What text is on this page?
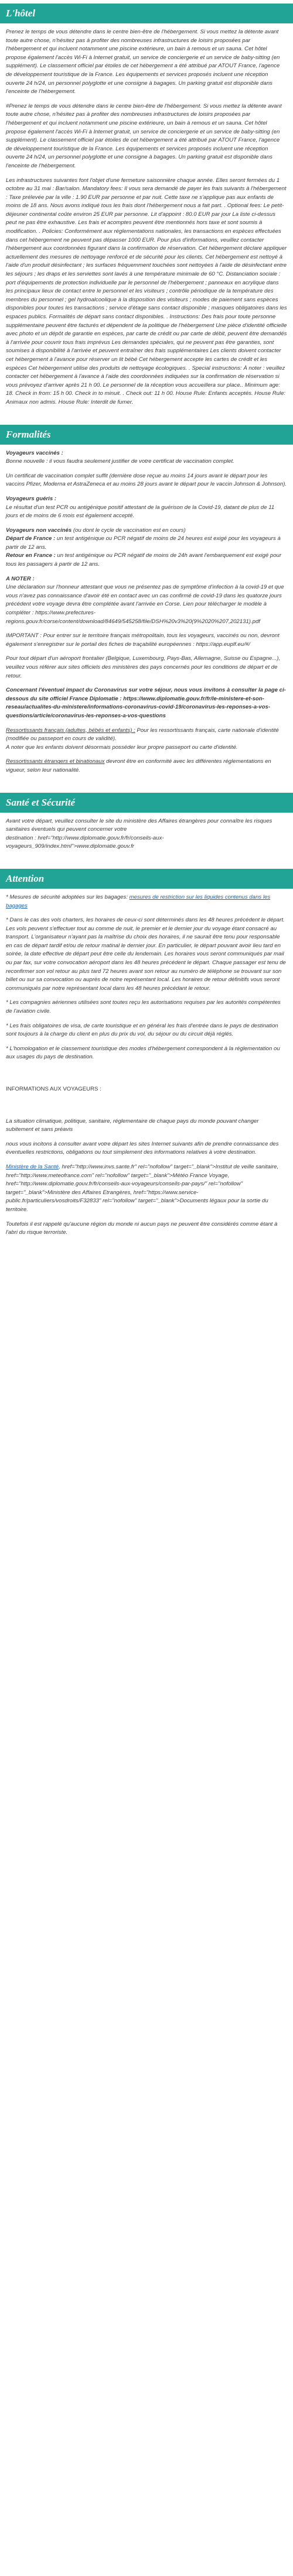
L'hôtel

Prenez le temps de vous détendre dans le centre bien-être de l'hébergement. Si vous mettez la détente avant toute autre chose, n'hésitez pas à profiter des nombreuses infrastructures de loisirs proposées par l'hébergement et qui incluent notamment une piscine extérieure, un bain à remous et un sauna. Cet hôtel propose également l'accès Wi-Fi à Internet gratuit, un service de conciergerie et un service de baby-sitting (en supplément). Le classement officiel par étoiles de cet hébergement a été attribué par ATOUT France, l'agence de développement touristique de la France. Les équipements et services proposés incluent une réception ouverte 24 h/24, un personnel polyglotte et une consigne à bagages. Un parking gratuit est disponible dans l'enceinte de l'hébergement.

#Prenez le temps de vous détendre dans le centre bien-être de l'hébergement. Si vous mettez la détente avant toute autre chose, n'hésitez pas à profiter des nombreuses infrastructures de loisirs proposées par l'hébergement et qui incluent notamment une piscine extérieure, un bain à remous et un sauna. Cet hôtel propose également l'accès Wi-Fi à Internet gratuit, un service de conciergerie et un service de baby-sitting (en supplément). Le classement officiel par étoiles de cet hébergement a été attribué par ATOUT France, l'agence de développement touristique de la France. Les équipements et services proposés incluent une réception ouverte 24 h/24, un personnel polyglotte et une consigne à bagages. Un parking gratuit est disponible dans l'enceinte de l'hébergement.

Les infrastructures suivantes font l'objet d'une fermeture saisonnière chaque année. Elles seront fermées du 1 octobre au 31 mai : Bar/salon. Mandatory fees: Il vous sera demandé de payer les frais suivants à l'hébergement : Taxe prélevée par la ville : 1.90 EUR par personne et par nuit. Cette taxe ne s'applique pas aux enfants de moins de 18 ans. Nous avons indiqué tous les frais dont l'hébergement nous a fait part. . Optional fees: Le petit-déjeuner continental coûte environ 25 EUR par personne. Lit d'appoint : 80.0 EUR par jour La liste ci-dessus peut ne pas être exhaustive. Les frais et acomptes peuvent être mentionnés hors taxe et sont soumis à modification. . Policies: Conformément aux réglementations nationales, les transactions en espèces effectuées dans cet hébergement ne peuvent pas dépasser 1000 EUR. Pour plus d'informations, veuillez contacter l'hébergement aux coordonnées figurant dans la confirmation de réservation. Cet hébergement déclare appliquer actuellement des mesures de nettoyage renforcé et de sécurité pour les clients. Cet hébergement est nettoyé à l'aide d'un produit désinfectant ; les surfaces fréquemment touchées sont nettoyées à l'aide de désinfectant entre les séjours ; les draps et les serviettes sont lavés à une température minimale de 60 °C. Distanciation sociale : port d'équipements de protection individuelle par le personnel de l'hébergement ; panneaux en acrylique dans les principaux lieux de contact entre le personnel et les visiteurs ; contrôle périodique de la température des membres du personnel ; gel hydroalcoolique à la disposition des visiteurs ; modes de paiement sans espèces disponibles pour toutes les transactions ; service d'étage sans contact disponible ; masques obligatoires dans les espaces publics. Formalités de départ sans contact disponibles. . Instructions: Des frais pour toute personne supplémentaire peuvent être facturés et dépendent de la politique de l'hébergement Une pièce d'identité officielle avec photo et un dépôt de garantie en espèces, par carte de crédit ou par carte de débit, peuvent être demandés à l'arrivée pour couvrir tous frais imprévus Les demandes spéciales, qui ne peuvent pas être garanties, sont soumises à disponibilité à l'arrivée et peuvent entraîner des frais supplémentaires Les clients doivent contacter cet hébergement à l'avance pour réserver un lit bébé Cet hébergement accepte les cartes de crédit et les espèces Cet hébergement utilise des produits de nettoyage écologiques. . Special instructions: À noter : veuillez contacter cet hébergement à l'avance à l'aide des coordonnées indiquées sur la confirmation de réservation si vous prévoyez d'arriver après 21 h 00. Le personnel de la réception vous accueillera sur place.. Minimum age: 18. Check in from: 15 h 00. Check in to minuit. . Check out: 11 h 00. House Rule: Enfants acceptés. House Rule: Animaux non admis. House Rule: Interdit de fumer.

Formalités

Voyageurs vaccinés :

Bonne nouvelle : il vous faudra seulement justifier de votre certificat de vaccination complet.

Un certificat de vaccination complet suffit (dernière dose reçue au moins 14 jours avant le départ pour les vaccins Pfizer, Moderna et AstraZeneca et au moins 28 jours avant le départ pour le vaccin Johnson & Johnson).

Voyageurs guéris :

Le résultat d'un test PCR ou antigénique positif attestant de la guérison de la Covid-19, datant de plus de 11 jours et de moins de 6 mois est également accepté.

Voyageurs non vaccinés (ou dont le cycle de vaccination est en cours)

Départ de France : un test antigénique ou PCR négatif de moins de 24 heures est exigé pour les voyageurs à partir de 12 ans.

Retour en France : un test antigénique ou PCR négatif de moins de 24h avant l'embarquement est exigé pour tous les passagers à partir de 12 ans.

A NOTER :

Une déclaration sur l'honneur attestant que vous ne présentez pas de symptôme d'infection à la covid-19 et que vous n'avez pas connaissance d'avoir été en contact avec un cas confirmé de covid-19 dans les quatorze jours précédent votre voyage devra être complétée avant l'arrivée en Corse. Lien pour télécharger le modèle à compléter : https://www.prefectures-regions.gouv.fr/corse/content/download/84649/545258/file/DSH%20v3%20(9%2020%207,202131).pdf

IMPORTANT : Pour entrer sur le territoire français métropolitain, tous les voyageurs, vaccinés ou non, devront également s'enregistrer sur le portail des fiches de traçabilité européennes : https://app.euplf.eu/#/

Pour tout départ d'un aéroport frontalier (Belgique, Luxembourg, Pays-Bas, Allemagne, Suisse ou Espagne...), veuillez vous référer aux sites officiels des ministères des pays concernés pour les conditions de départ et de retour.

Concernant l'éventuel impact du Coronavirus sur votre séjour, nous vous invitons à consulter la page ci-dessous du site officiel France Diplomatie : https://www.diplomatie.gouv.fr/fr/le-ministere-et-son-reseau/actualites-du-ministere/informations-coronavirus-covid-19/coronavirus-les-reponses-a-vos-questions/article/coronavirus-les-reponses-a-vos-questions

Ressortissants français (adultes, bébés et enfants) : Pour les ressortissants français, carte nationale d'identité (modifiée ou passeport en cours de validité).

A noter que les enfants doivent désormais posséder leur propre passeport ou carte d'identité.

Ressortissants étrangers et binationaux devront être en conformité avec les différentes réglementations en vigueur, selon leur nationalité.

Santé et Sécurité

Avant votre départ, veuillez consulter le site du ministère des Affaires étrangères pour connaître les risques sanitaires éventuels qui peuvent concerner votre

destination : href="http://www.diplomatie.gouv.fr/fr/conseils-aux-voyageurs_909/index.html">www.diplomatie.gouv.fr

Attention

* Mesures de sécurité adoptées sur les bagages: mesures de restriction sur les liquides contenus dans les bagages

* Dans le cas des vols charters, les horaires de ceux-ci sont déterminés dans les 48 heures précédent le départ. Les vols peuvent s'effectuer tout au comme de nuit, le premier et le dernier jour du voyage étant consacré au transport. L'organisateur n'ayant pas la maîtrise du choix des horaires, il ne saurait être tenu pour responsable en cas de départ tardif et/ou de retour matinal le dernier jour. En particulier, le départ pouvant avoir lieu tard en soirée, la date effective de départ peut être celle du lendemain. Les horaires vous seront communiqués par mail ou par fax, sur votre convocation aéroport dans les 48 heures précédent le départ. Chaque passager est tenu de reconfirmer son vol retour au plus tard 72 heures avant son retour au numéro de téléphone se trouvant sur son billet ou sur sa convocation ou auprès de notre représentant local. Les horaires de retour définitifs vous seront communiqués par notre représentant local dans les 48 heures précédant le retour.

* Les compagnies aériennes utilisées sont toutes reçu les autorisations requises par les autorités compétentes de l'aviation civile.

* Les frais obligatoires de visa, de carte touristique et en général les frais d'entrée dans le pays de destination sont toujours à la charge du client en plus du prix du vol, du séjour ou du circuit déjà réglés.

* L'homologation et le classement touristique des modes d'hébergement correspondent à la réglementation ou aux usages du pays de destination.

INFORMATIONS AUX VOYAGEURS :

La situation climatique, politique, sanitaire, réglementaire de chaque pays du monde pouvant changer subitement et sans préavis

nous vous incitons à consulter avant votre départ les sites Internet suivants afin de prendre connaissance des éventuelles restrictions, obligations ou tout simplement des informations relatives à votre destination.

Ministère de la Santé, href="http://www.invs.sante.fr" rel="nofollow" target="_blank">Institut de veille sanitaire, href="http://www.meteofrance.com" rel="nofollow" target="_blank">Météo France Voyage, href="http://www.diplomatie.gouv.fr/fr/conseils-aux-voyageurs/conseils-par-pays/" rel="nofollow" target="_blank">Ministère des Affaires Etrangères, href="https://www.service-public.fr/particuliers/vosdroits/F32833" rel="nofollow" target="_blank">Documents légaux pour la sortie du territoire.

Toutefois il est rappelé qu'aucune région du monde ni aucun pays ne peuvent être considérés comme étant à l'abri du risque terroriste.
